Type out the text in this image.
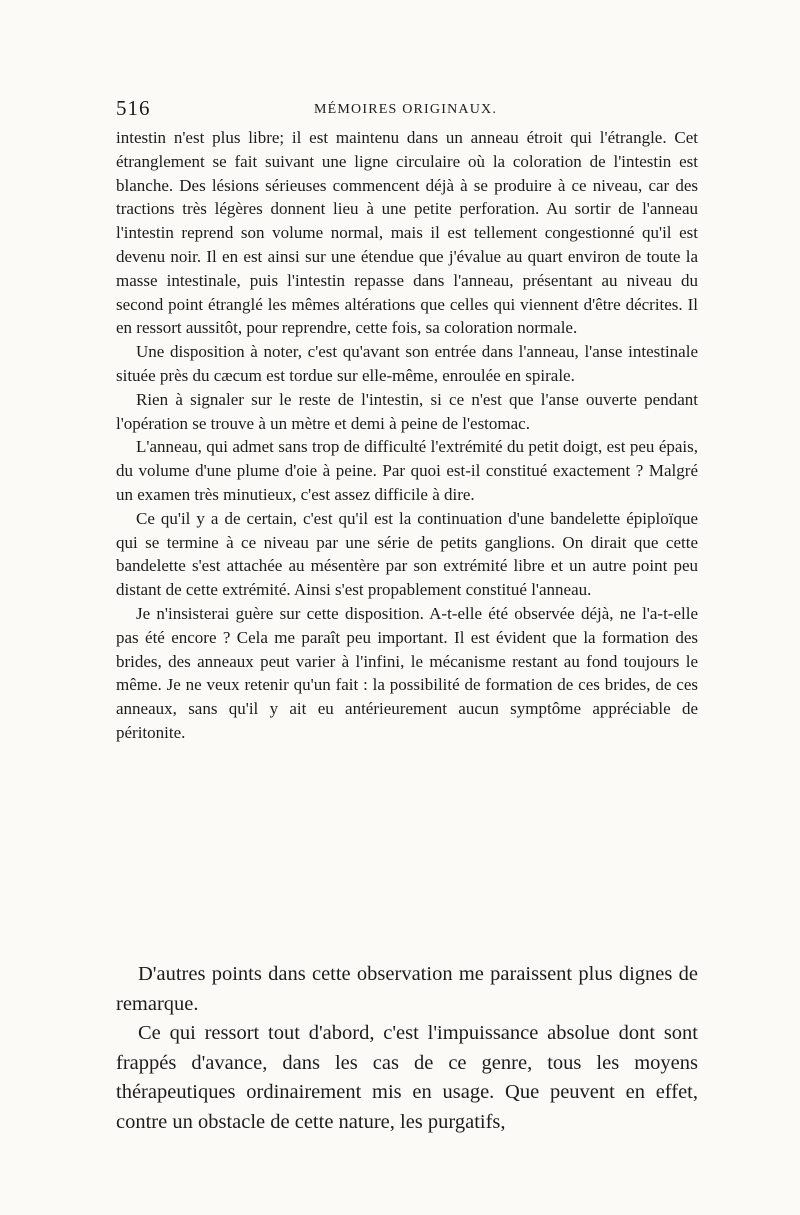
516	MÉMOIRES ORIGINAUX.

intestin n'est plus libre; il est maintenu dans un anneau étroit qui l'étrangle. Cet étranglement se fait suivant une ligne circulaire où la coloration de l'intestin est blanche. Des lésions sérieuses commencent déjà à se produire à ce niveau, car des tractions très légères donnent lieu à une petite perforation. Au sortir de l'anneau l'intestin reprend son volume normal, mais il est tellement congestionné qu'il est devenu noir. Il en est ainsi sur une étendue que j'évalue au quart environ de toute la masse intestinale, puis l'intestin repasse dans l'anneau, présentant au niveau du second point étranglé les mêmes altérations que celles qui viennent d'être décrites. Il en ressort aussitôt, pour reprendre, cette fois, sa coloration normale.

Une disposition à noter, c'est qu'avant son entrée dans l'anneau, l'anse intestinale située près du cæcum est tordue sur elle-même, enroulée en spirale.

Rien à signaler sur le reste de l'intestin, si ce n'est que l'anse ouverte pendant l'opération se trouve à un mètre et demi à peine de l'estomac.

L'anneau, qui admet sans trop de difficulté l'extrémité du petit doigt, est peu épais, du volume d'une plume d'oie à peine. Par quoi est-il constitué exactement ? Malgré un examen très minutieux, c'est assez difficile à dire.

Ce qu'il y a de certain, c'est qu'il est la continuation d'une bandelette épiploïque qui se termine à ce niveau par une série de petits ganglions. On dirait que cette bandelette s'est attachée au mésentère par son extrémité libre et un autre point peu distant de cette extrémité. Ainsi s'est propablement constitué l'anneau.

Je n'insisterai guère sur cette disposition. A-t-elle été observée déjà, ne l'a-t-elle pas été encore ? Cela me paraît peu important. Il est évident que la formation des brides, des anneaux peut varier à l'infini, le mécanisme restant au fond toujours le même. Je ne veux retenir qu'un fait : la possibilité de formation de ces brides, de ces anneaux, sans qu'il y ait eu antérieurement aucun symptôme appréciable de péritonite.

D'autres points dans cette observation me paraissent plus dignes de remarque.

Ce qui ressort tout d'abord, c'est l'impuissance absolue dont sont frappés d'avance, dans les cas de ce genre, tous les moyens thérapeutiques ordinairement mis en usage. Que peuvent en effet, contre un obstacle de cette nature, les purgatifs,
